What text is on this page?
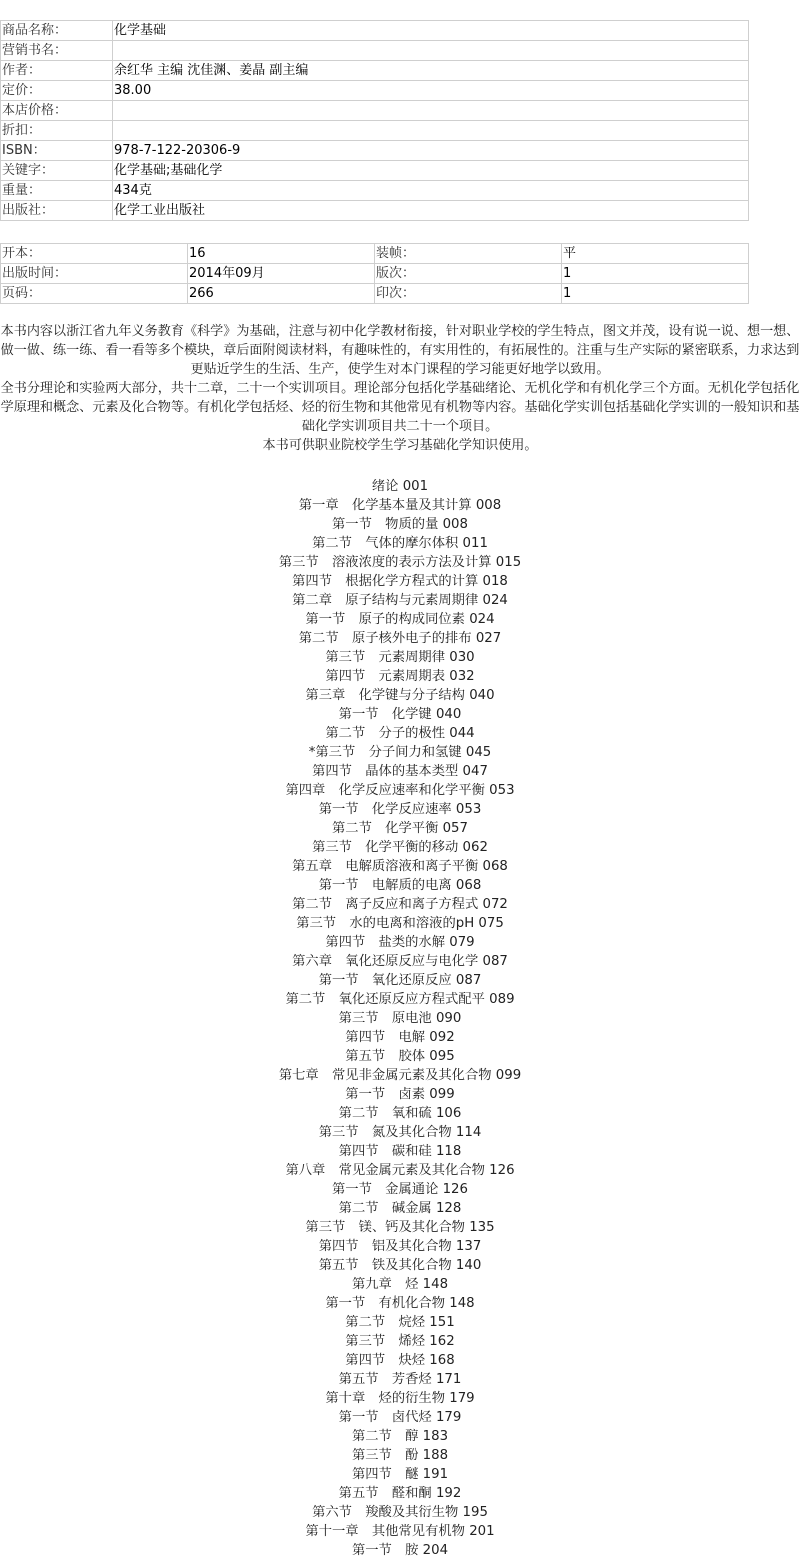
商品名称：	化学基础
营销书名：	
作者：	余红华 主编 沈佳渊、姜晶 副主编
定价：	38.00
本店价格：	
折扣：	
ISBN：	978-7-122-20306-9
关键字：	化学基础;基础化学
重量：	434克
出版社：	化学工业出版社
开本：	16	装帧：	平
出版时间：	2014年09月	版次：	1
页码：	266	印次：	1

本书内容以浙江省九年义务教育《科学》为基础，注意与初中化学教材衔接，针对职业学校的学生特点，图文并茂，设有说一说、想一想、做一做、练一练、看一看等多个模块，章后面附阅读材料，有趣味性的，有实用性的，有拓展性的。注重与生产实际的紧密联系，力求达到更贴近学生的生活、生产，使学生对本门课程的学习能更好地学以致用。

全书分理论和实验两大部分，共十二章，二十一个实训项目。理论部分包括化学基础绪论、无机化学和有机化学三个方面。无机化学包括化学原理和概念、元素及化合物等。有机化学包括烃、烃的衍生物和其他常见有机物等内容。基础化学实训包括基础化学实训的一般知识和基础化学实训项目共二十一个项目。

本书可供职业院校学生学习基础化学知识使用。

绪论 001
第一章　化学基本量及其计算 008
第一节　物质的量 008
第二节　气体的摩尔体积 011
第三节　溶液浓度的表示方法及计算 015
第四节　根据化学方程式的计算 018
第二章　原子结构与元素周期律 024
第一节　原子的构成同位素 024
第二节　原子核外电子的排布 027
第三节　元素周期律 030
第四节　元素周期表 032
第三章　化学键与分子结构 040
第一节　化学键 040
第二节　分子的极性 044
*第三节　分子间力和氢键 045
第四节　晶体的基本类型 047
第四章　化学反应速率和化学平衡 053
第一节　化学反应速率 053
第二节　化学平衡 057
第三节　化学平衡的移动 062
第五章　电解质溶液和离子平衡 068
第一节　电解质的电离 068
第二节　离子反应和离子方程式 072
第三节　水的电离和溶液的pH 075
第四节　盐类的水解 079
第六章　氧化还原反应与电化学 087
第一节　氧化还原反应 087
第二节　氧化还原反应方程式配平 089
第三节　原电池 090
第四节　电解 092
第五节　胶体 095
第七章　常见非金属元素及其化合物 099
第一节　卤素 099
第二节　氧和硫 106
第三节　氮及其化合物 114
第四节　碳和硅 118
第八章　常见金属元素及其化合物 126
第一节　金属通论 126
第二节　碱金属 128
第三节　镁、钙及其化合物 135
第四节　铝及其化合物 137
第五节　铁及其化合物 140
第九章　烃 148
第一节　有机化合物 148
第二节　烷烃 151
第三节　烯烃 162
第四节　炔烃 168
第五节　芳香烃 171
第十章　烃的衍生物 179
第一节　卤代烃 179
第二节　醇 183
第三节　酚 188
第四节　醚 191
第五节　醛和酮 192
第六节　羧酸及其衍生物 195
第十一章　其他常见有机物 201
第一节　胺 204
